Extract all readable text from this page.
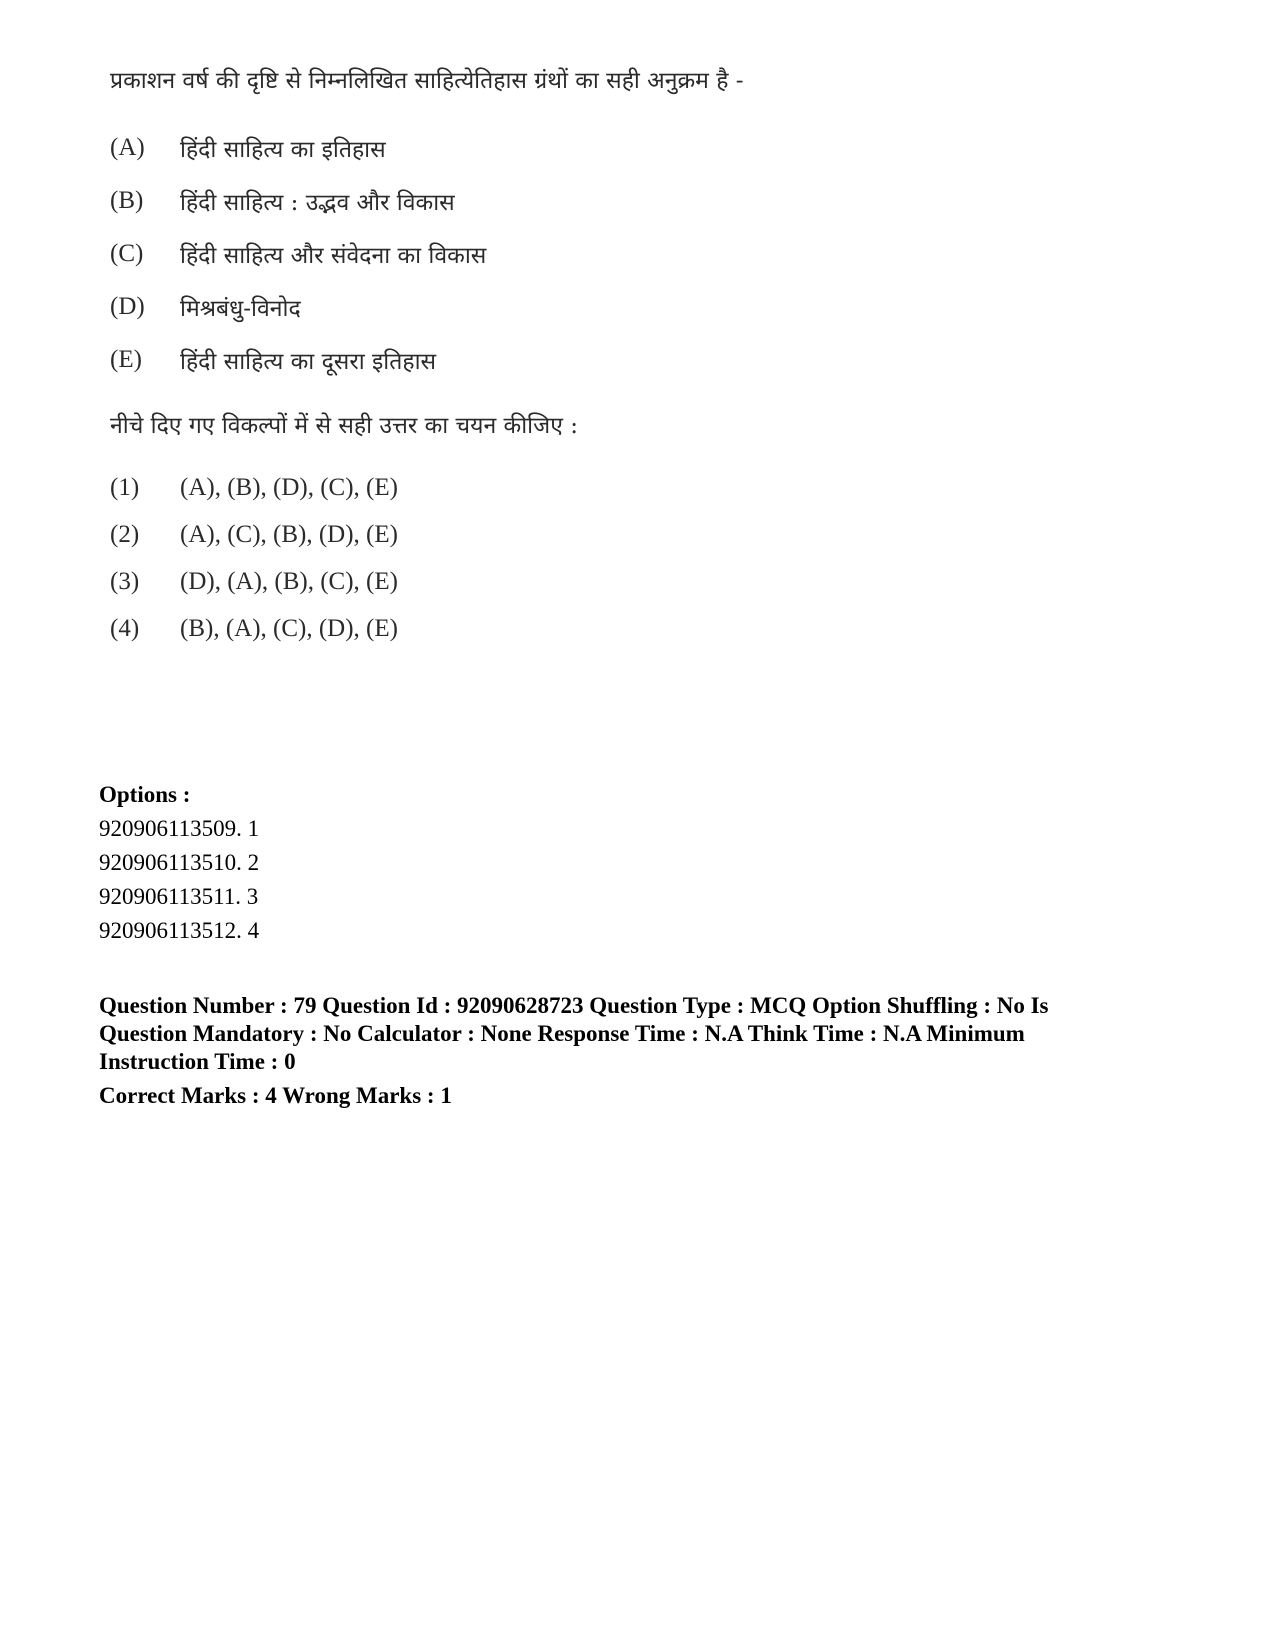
प्रकाशन वर्ष की दृष्टि से निम्नलिखित साहित्येतिहास ग्रंथों का सही अनुक्रम है -
(A)	हिंदी साहित्य का इतिहास
(B)	हिंदी साहित्य : उद्भव और विकास
(C)	हिंदी साहित्य और संवेदना का विकास
(D)	मिश्रबंधु-विनोद
(E)	हिंदी साहित्य का दूसरा इतिहास
नीचे दिए गए विकल्पों में से सही उत्तर का चयन कीजिए :
(1)	(A), (B), (D), (C), (E)
(2)	(A), (C), (B), (D), (E)
(3)	(D), (A), (B), (C), (E)
(4)	(B), (A), (C), (D), (E)
Options :
920906113509. 1
920906113510. 2
920906113511. 3
920906113512. 4
Question Number : 79 Question Id : 92090628723 Question Type : MCQ Option Shuffling : No Is
Question Mandatory : No Calculator : None Response Time : N.A Think Time : N.A Minimum
Instruction Time : 0
Correct Marks : 4 Wrong Marks : 1
